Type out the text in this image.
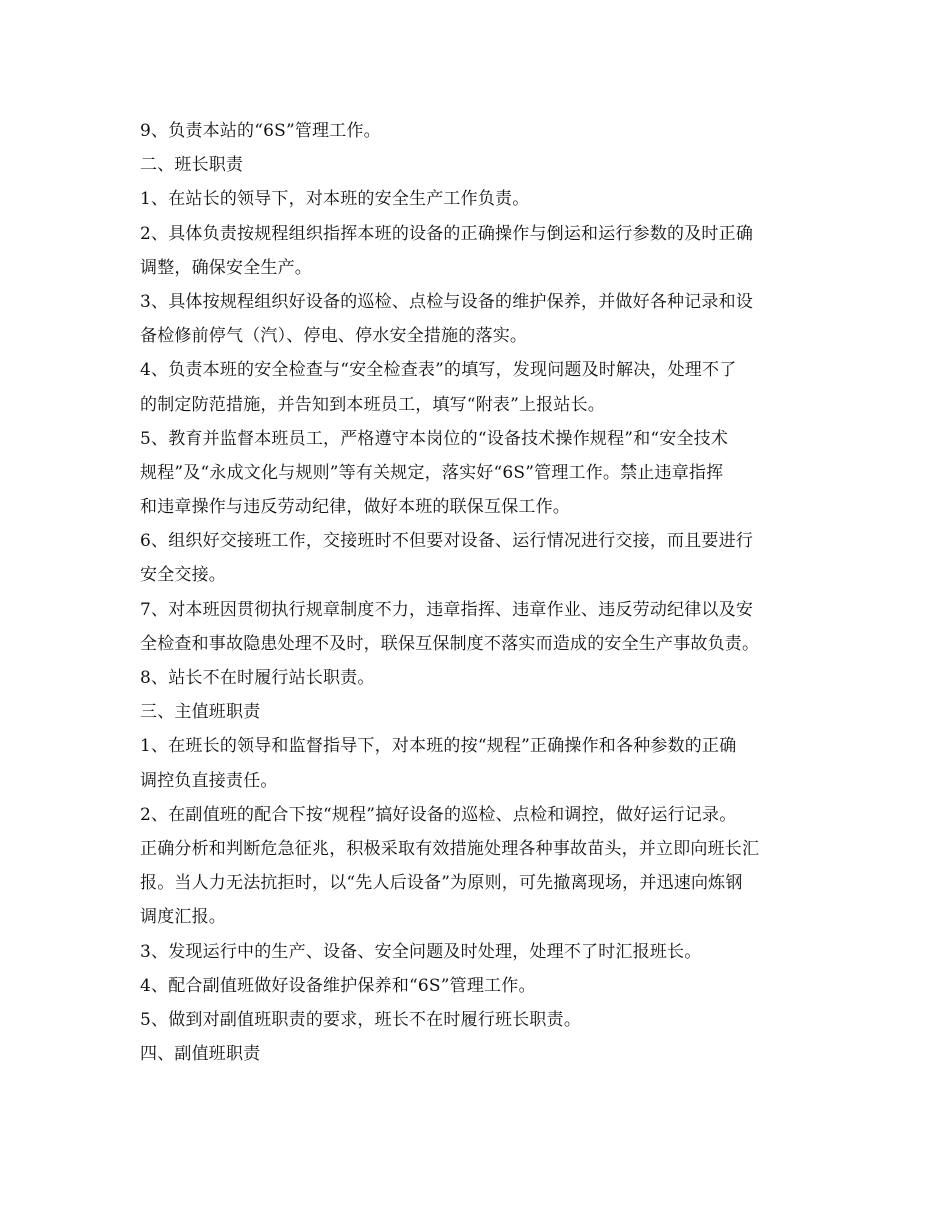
9、负责本站的“6S”管理工作。
二、班长职责
1、在站长的领导下，对本班的安全生产工作负责。
2、具体负责按规程组织指挥本班的设备的正确操作与倒运和运行参数的及时正确
调整，确保安全生产。
3、具体按规程组织好设备的巡检、点检与设备的维护保养，并做好各种记录和设
备检修前停气（汽）、停电、停水安全措施的落实。
4、负责本班的安全检查与“安全检查表”的填写，发现问题及时解决，处理不了
的制定防范措施，并告知到本班员工，填写“附表”上报站长。
5、教育并监督本班员工，严格遵守本岗位的“设备技术操作规程”和“安全技术
规程”及“永成文化与规则”等有关规定，落实好“6S”管理工作。禁止违章指挥
和违章操作与违反劳动纪律，做好本班的联保互保工作。
6、组织好交接班工作，交接班时不但要对设备、运行情况进行交接，而且要进行
安全交接。
7、对本班因贯彻执行规章制度不力，违章指挥、违章作业、违反劳动纪律以及安
全检查和事故隐患处理不及时，联保互保制度不落实而造成的安全生产事故负责。
8、站长不在时履行站长职责。
三、主值班职责
1、在班长的领导和监督指导下，对本班的按“规程”正确操作和各种参数的正确
调控负直接责任。
2、在副值班的配合下按“规程”搞好设备的巡检、点检和调控，做好运行记录。
正确分析和判断危急征兆，积极采取有效措施处理各种事故苗头，并立即向班长汇
报。当人力无法抗拒时，以“先人后设备”为原则，可先撤离现场，并迅速向炼钢
调度汇报。
3、发现运行中的生产、设备、安全问题及时处理，处理不了时汇报班长。
4、配合副值班做好设备维护保养和“6S”管理工作。
5、做到对副值班职责的要求，班长不在时履行班长职责。
四、副值班职责
